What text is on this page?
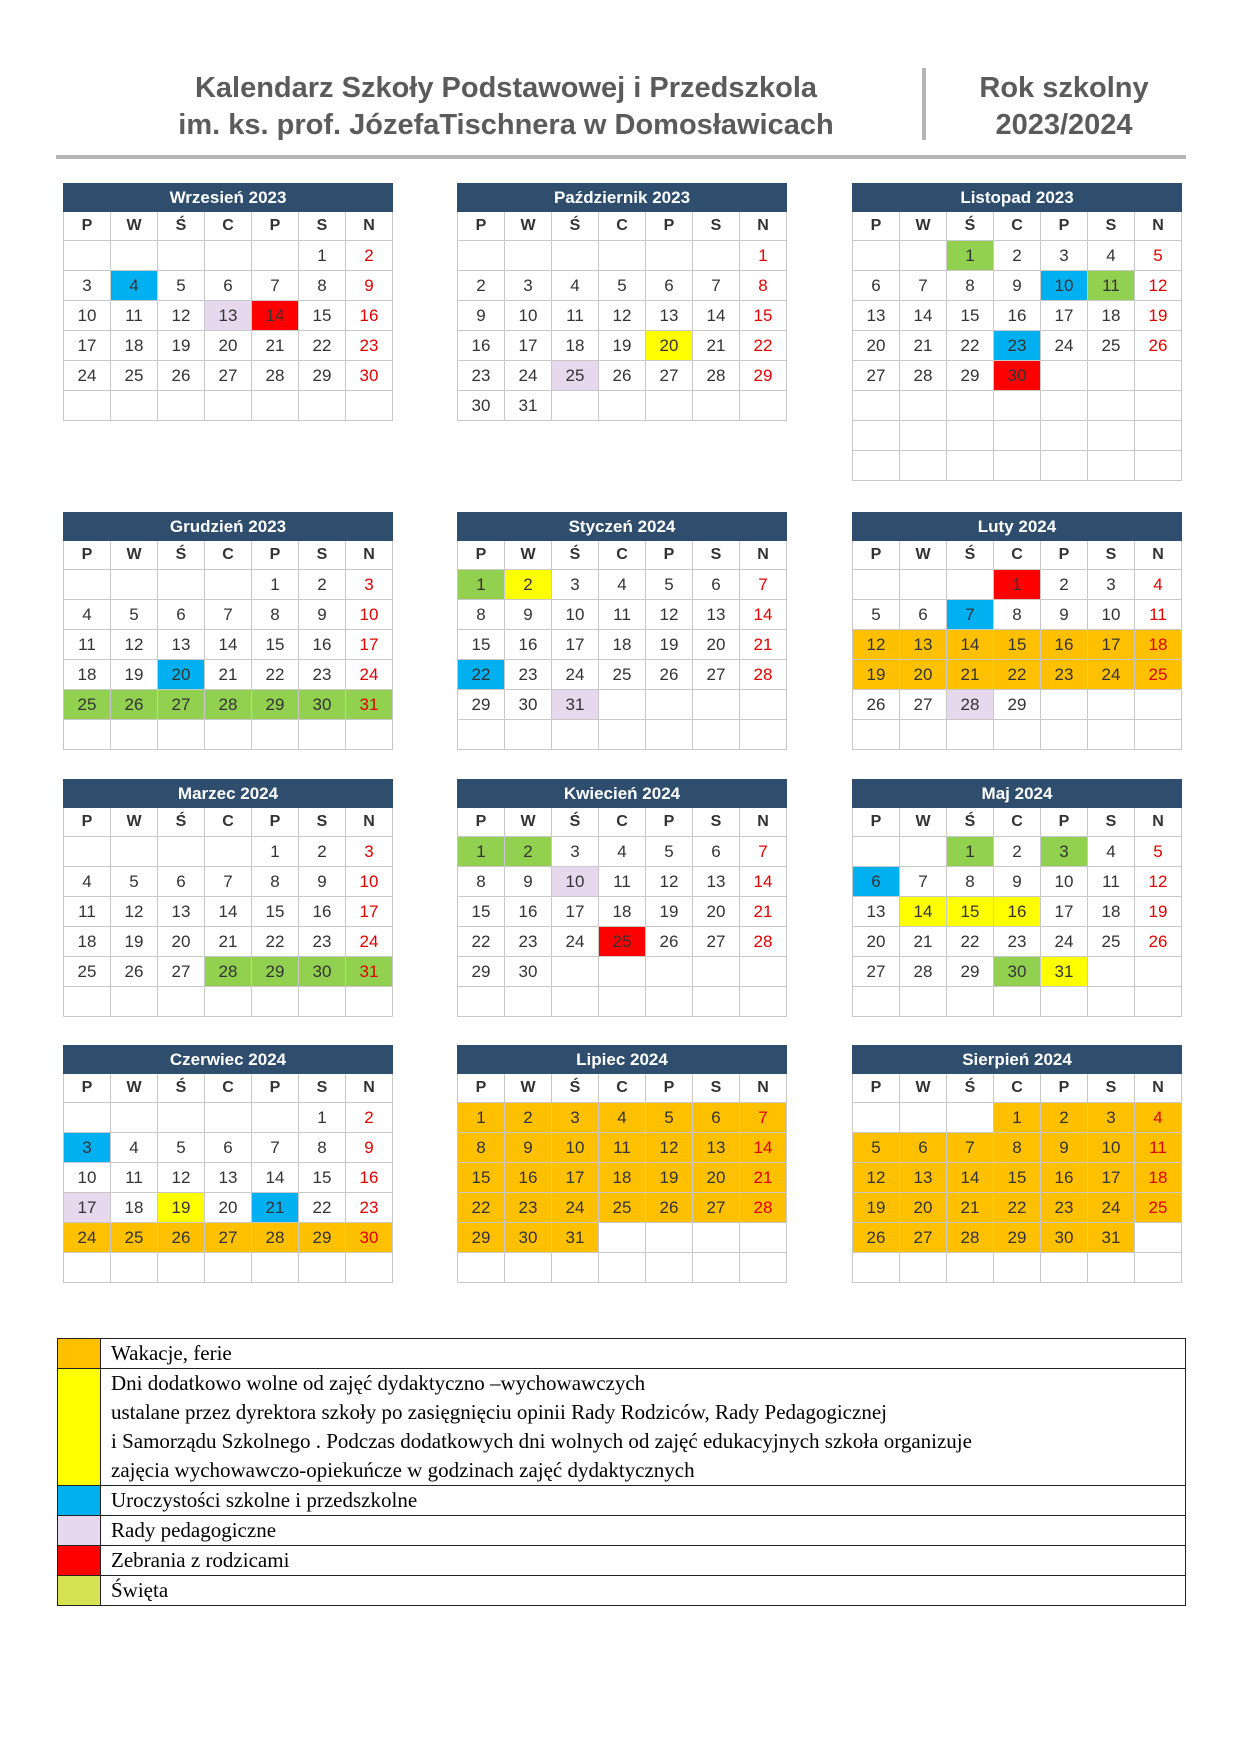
Kalendarz Szkoły Podstawowej i Przedszkola
im. ks. prof. JózefaTischnera w Domosławicach
Rok szkolny
2023/2024
Wrzesień 2023						
P	W	Ś	C	P	S	N
					1	2
3	4	5	6	7	8	9
10	11	12	13	14	15	16
17	18	19	20	21	22	23
24	25	26	27	28	29	30

Październik 2023						
P	W	Ś	C	P	S	N
						1
2	3	4	5	6	7	8
9	10	11	12	13	14	15
16	17	18	19	20	21	22
23	24	25	26	27	28	29
30	31					
Listopad 2023						
P	W	Ś	C	P	S	N
		1	2	3	4	5
6	7	8	9	10	11	12
13	14	15	16	17	18	19
20	21	22	23	24	25	26
27	28	29	30			

Grudzień 2023						
P	W	Ś	C	P	S	N
				1	2	3
4	5	6	7	8	9	10
11	12	13	14	15	16	17
18	19	20	21	22	23	24
25	26	27	28	29	30	31

Styczeń 2024						
P	W	Ś	C	P	S	N
1	2	3	4	5	6	7
8	9	10	11	12	13	14
15	16	17	18	19	20	21
22	23	24	25	26	27	28
29	30	31				

Luty 2024						
P	W	Ś	C	P	S	N
			1	2	3	4
5	6	7	8	9	10	11
12	13	14	15	16	17	18
19	20	21	22	23	24	25
26	27	28	29			

Marzec 2024						
P	W	Ś	C	P	S	N
				1	2	3
4	5	6	7	8	9	10
11	12	13	14	15	16	17
18	19	20	21	22	23	24
25	26	27	28	29	30	31

Kwiecień 2024						
P	W	Ś	C	P	S	N
1	2	3	4	5	6	7
8	9	10	11	12	13	14
15	16	17	18	19	20	21
22	23	24	25	26	27	28
29	30					

Maj 2024						
P	W	Ś	C	P	S	N
		1	2	3	4	5
6	7	8	9	10	11	12
13	14	15	16	17	18	19
20	21	22	23	24	25	26
27	28	29	30	31		

Czerwiec 2024						
P	W	Ś	C	P	S	N
					1	2
3	4	5	6	7	8	9
10	11	12	13	14	15	16
17	18	19	20	21	22	23
24	25	26	27	28	29	30

Lipiec 2024						
P	W	Ś	C	P	S	N
1	2	3	4	5	6	7
8	9	10	11	12	13	14
15	16	17	18	19	20	21
22	23	24	25	26	27	28
29	30	31				

Sierpień 2024						
P	W	Ś	C	P	S	N
			1	2	3	4
5	6	7	8	9	10	11
12	13	14	15	16	17	18
19	20	21	22	23	24	25
26	27	28	29	30	31	

	Wakacje, ferie

	Dni dodatkowo wolne od zajęć dydaktyczno –wychowawczych
ustalane przez dyrektora szkoły po zasięgnięciu opinii Rady Rodziców, Rady Pedagogicznej
i Samorządu Szkolnego . Podczas dodatkowych dni wolnych od zajęć edukacyjnych szkoła organizuje
zajęcia wychowawczo-opiekuńcze w godzinach zajęć dydaktycznych

	Uroczystości szkolne i przedszkolne

	Rady pedagogiczne

	Zebrania z rodzicami

	Święta
